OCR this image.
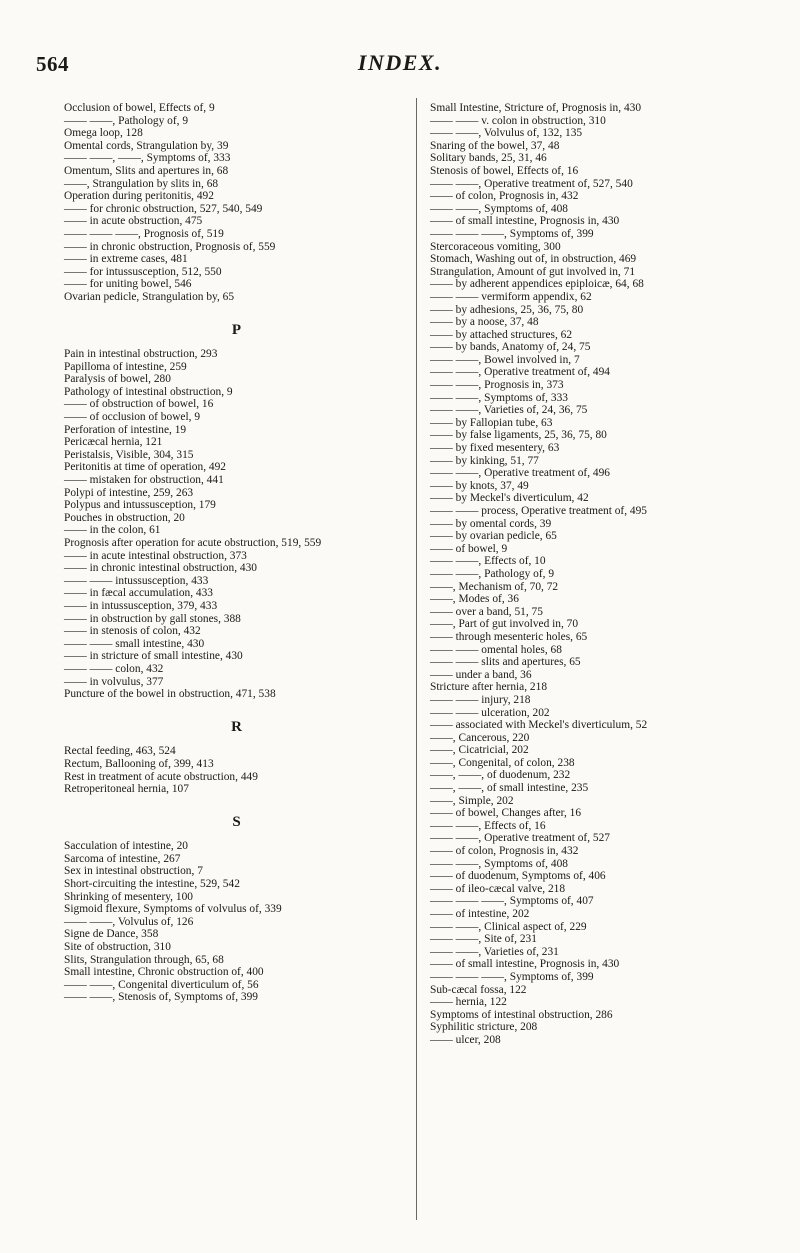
564	INDEX.
Occlusion of bowel, Effects of, 9
—— ——, Pathology of, 9
Omega loop, 128
Omental cords, Strangulation by, 39
—— ——, ——, Symptoms of, 333
Omentum, Slits and apertures in, 68
——, Strangulation by slits in, 68
Operation during peritonitis, 492
—— for chronic obstruction, 527, 540, 549
—— in acute obstruction, 475
—— —— ——, Prognosis of, 519
—— in chronic obstruction, Prognosis of, 559
—— in extreme cases, 481
—— for intussusception, 512, 550
—— for uniting bowel, 546
Ovarian pedicle, Strangulation by, 65
P
Pain in intestinal obstruction, 293
Papilloma of intestine, 259
Paralysis of bowel, 280
Pathology of intestinal obstruction, 9
—— of obstruction of bowel, 16
—— of occlusion of bowel, 9
Perforation of intestine, 19
Pericæcal hernia, 121
Peristalsis, Visible, 304, 315
Peritonitis at time of operation, 492
—— mistaken for obstruction, 441
Polypi of intestine, 259, 263
Polypus and intussusception, 179
Pouches in obstruction, 20
—— in the colon, 61
Prognosis after operation for acute obstruction, 519, 559
—— in acute intestinal obstruction, 373
—— in chronic intestinal obstruction, 430
—— —— intussusception, 433
—— in fæcal accumulation, 433
—— in intussusception, 379, 433
—— in obstruction by gall stones, 388
—— in stenosis of colon, 432
—— —— small intestine, 430
—— in stricture of small intestine, 430
—— —— colon, 432
—— in volvulus, 377
Puncture of the bowel in obstruction, 471, 538
R
Rectal feeding, 463, 524
Rectum, Ballooning of, 399, 413
Rest in treatment of acute obstruction, 449
Retroperitoneal hernia, 107
S
Sacculation of intestine, 20
Sarcoma of intestine, 267
Sex in intestinal obstruction, 7
Short-circuiting the intestine, 529, 542
Shrinking of mesentery, 100
Sigmoid flexure, Symptoms of volvulus of, 339
—— ——, Volvulus of, 126
Signe de Dance, 358
Site of obstruction, 310
Slits, Strangulation through, 65, 68
Small intestine, Chronic obstruction of, 400
—— ——, Congenital diverticulum of, 56
—— ——, Stenosis of, Symptoms of, 399
Small Intestine, Stricture of, Prognosis in, 430
—— —— v. colon in obstruction, 310
—— ——, Volvulus of, 132, 135
Snaring of the bowel, 37, 48
Solitary bands, 25, 31, 46
Stenosis of bowel, Effects of, 16
—— ——, Operative treatment of, 527, 540
—— of colon, Prognosis in, 432
—— ——, Symptoms of, 408
—— of small intestine, Prognosis in, 430
—— —— ——, Symptoms of, 399
Stercoraceous vomiting, 300
Stomach, Washing out of, in obstruction, 469
Strangulation, Amount of gut involved in, 71
—— by adherent appendices epiploicæ, 64, 68
—— —— vermiform appendix, 62
—— by adhesions, 25, 36, 75, 80
—— by a noose, 37, 48
—— by attached structures, 62
—— by bands, Anatomy of, 24, 75
—— ——, Bowel involved in, 7
—— ——, Operative treatment of, 494
—— ——, Prognosis in, 373
—— ——, Symptoms of, 333
—— ——, Varieties of, 24, 36, 75
—— by Fallopian tube, 63
—— by false ligaments, 25, 36, 75, 80
—— by fixed mesentery, 63
—— by kinking, 51, 77
—— ——, Operative treatment of, 496
—— by knots, 37, 49
—— by Meckel's diverticulum, 42
—— —— process, Operative treatment of, 495
—— by omental cords, 39
—— by ovarian pedicle, 65
—— of bowel, 9
—— ——, Effects of, 10
—— ——, Pathology of, 9
——, Mechanism of, 70, 72
——, Modes of, 36
—— over a band, 51, 75
——, Part of gut involved in, 70
—— through mesenteric holes, 65
—— —— omental holes, 68
—— —— slits and apertures, 65
—— under a band, 36
Stricture after hernia, 218
—— —— injury, 218
—— —— ulceration, 202
—— associated with Meckel's diverticulum, 52
——, Cancerous, 220
——, Cicatricial, 202
——, Congenital, of colon, 238
——, ——, of duodenum, 232
——, ——, of small intestine, 235
——, Simple, 202
—— of bowel, Changes after, 16
—— ——, Effects of, 16
—— ——, Operative treatment of, 527
—— of colon, Prognosis in, 432
—— ——, Symptoms of, 408
—— of duodenum, Symptoms of, 406
—— of ileo-cæcal valve, 218
—— —— ——, Symptoms of, 407
—— of intestine, 202
—— ——, Clinical aspect of, 229
—— ——, Site of, 231
—— ——, Varieties of, 231
—— of small intestine, Prognosis in, 430
—— —— ——, Symptoms of, 399
Sub-cæcal fossa, 122
—— hernia, 122
Symptoms of intestinal obstruction, 286
Syphilitic stricture, 208
—— ulcer, 208
